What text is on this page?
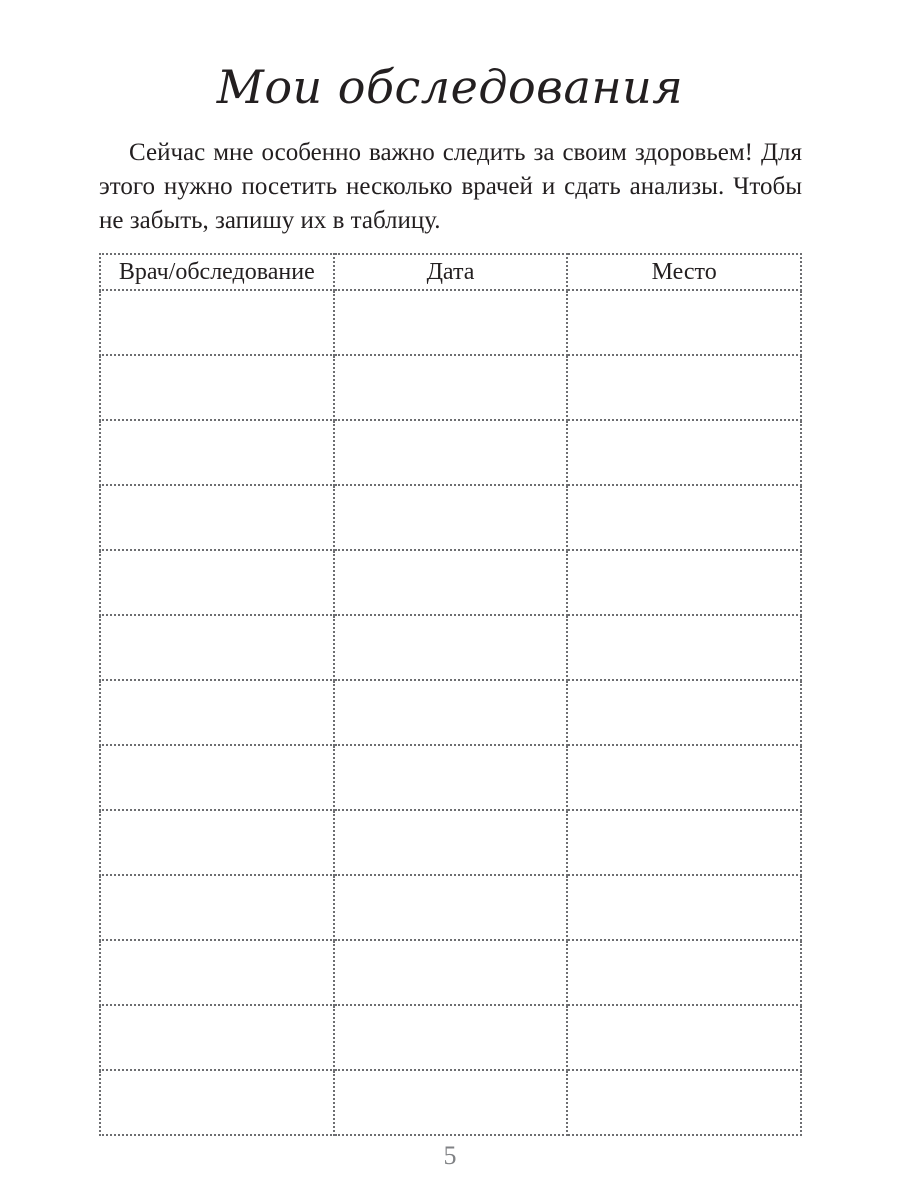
Мои обследования

Сейчас мне особенно важно следить за своим здоровьем! Для этого нужно посетить несколько врачей и сдать анализы. Чтобы не забыть, запишу их в таблицу.

Врач/обследование	Дата	Место

5
